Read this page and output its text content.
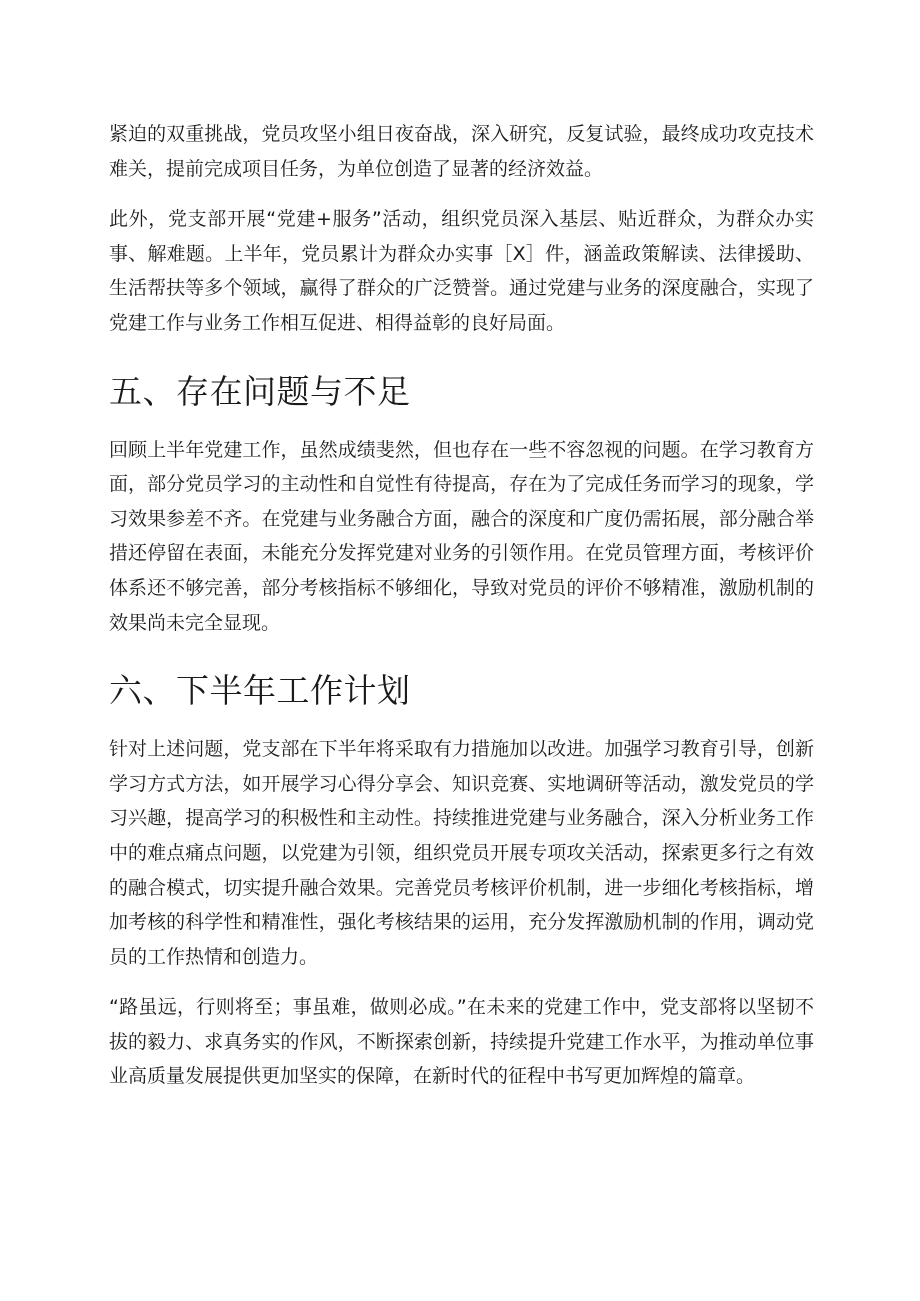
紧迫的双重挑战，党员攻坚小组日夜奋战，深入研究，反复试验，最终成功攻克技术难关，提前完成项目任务，为单位创造了显著的经济效益。

此外，党支部开展“党建+服务”活动，组织党员深入基层、贴近群众，为群众办实事、解难题。上半年，党员累计为群众办实事［X］件，涵盖政策解读、法律援助、生活帮扶等多个领域，赢得了群众的广泛赞誉。通过党建与业务的深度融合，实现了党建工作与业务工作相互促进、相得益彰的良好局面。

五、存在问题与不足

回顾上半年党建工作，虽然成绩斐然，但也存在一些不容忽视的问题。在学习教育方面，部分党员学习的主动性和自觉性有待提高，存在为了完成任务而学习的现象，学习效果参差不齐。在党建与业务融合方面，融合的深度和广度仍需拓展，部分融合举措还停留在表面，未能充分发挥党建对业务的引领作用。在党员管理方面，考核评价体系还不够完善，部分考核指标不够细化，导致对党员的评价不够精准，激励机制的效果尚未完全显现。

六、下半年工作计划

针对上述问题，党支部在下半年将采取有力措施加以改进。加强学习教育引导，创新学习方式方法，如开展学习心得分享会、知识竞赛、实地调研等活动，激发党员的学习兴趣，提高学习的积极性和主动性。持续推进党建与业务融合，深入分析业务工作中的难点痛点问题，以党建为引领，组织党员开展专项攻关活动，探索更多行之有效的融合模式，切实提升融合效果。完善党员考核评价机制，进一步细化考核指标，增加考核的科学性和精准性，强化考核结果的运用，充分发挥激励机制的作用，调动党员的工作热情和创造力。

“路虽远，行则将至；事虽难，做则必成。”在未来的党建工作中，党支部将以坚韧不拔的毅力、求真务实的作风，不断探索创新，持续提升党建工作水平，为推动单位事业高质量发展提供更加坚实的保障，在新时代的征程中书写更加辉煌的篇章。
